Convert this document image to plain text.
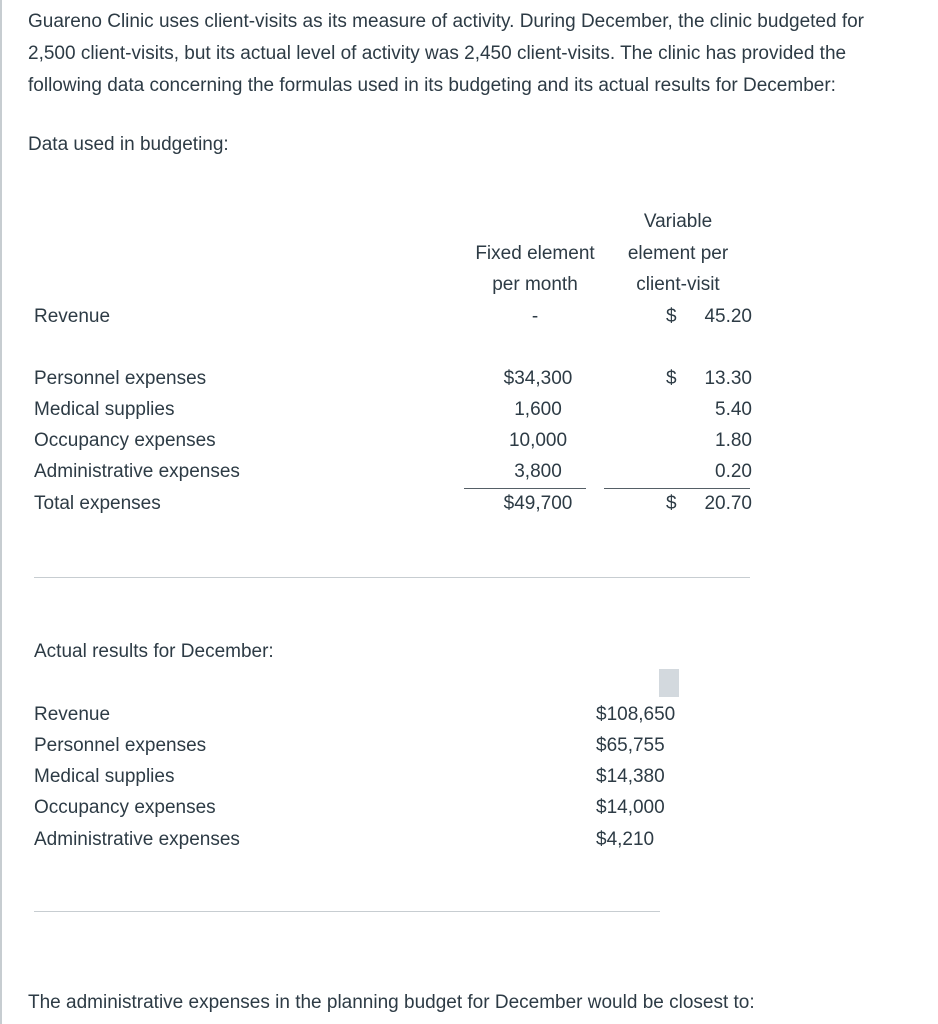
Guareno Clinic uses client-visits as its measure of activity. During December, the clinic budgeted for
2,500 client-visits, but its actual level of activity was 2,450 client-visits. The clinic has provided the
following data concerning the formulas used in its budgeting and its actual results for December:
Data used in budgeting:
Fixed element
per month
Variable
element per
client-visit
Revenue	-	$ 45.20
Personnel expenses	$34,300	$ 13.30
Medical supplies	1,600	5.40
Occupancy expenses	10,000	1.80
Administrative expenses	3,800	0.20
Total expenses	$49,700	$ 20.70
Actual results for December:
Revenue	$108,650
Personnel expenses	$65,755
Medical supplies	$14,380
Occupancy expenses	$14,000
Administrative expenses	$4,210
The administrative expenses in the planning budget for December would be closest to:
